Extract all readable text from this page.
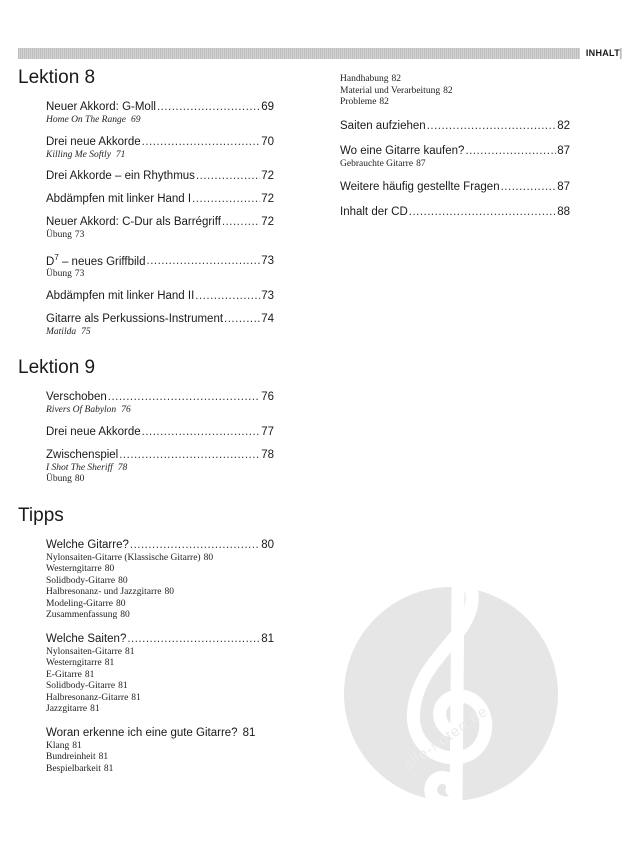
INHALT
Lektion 8
Neuer Akkord: G-Moll .....	69
Home On The Range 69
Drei neue Akkorde .....	70
Killing Me Softly 71
Drei Akkorde – ein Rhythmus .....	72
Abdämpfen mit linker Hand I .....	72
Neuer Akkord: C-Dur als Barrégriff .....	72
Übung 73
$D^7$ – neues Griffbild .....	73
Übung 73
Abdämpfen mit linker Hand II .....	73
Gitarre als Perkussions-Instrument .....	74
Matilda 75
Lektion 9
Verschoben .....	76
Rivers Of Babylon 76
Drei neue Akkorde .....	77
Zwischenspiel .....	78
I Shot The Sheriff 78
Übung 80
Tipps
Welche Gitarre? .....	80
Nylonsaiten-Gitarre (Klassische Gitarre) 80
Westerngitarre 80
Solidbody-Gitarre 80
Halbresonanz- und Jazzgitarre 80
Modeling-Gitarre 80
Zusammenfassung 80
Welche Saiten? .....	81
Nylonsaiten-Gitarre 81
Westerngitarre 81
E-Gitarre 81
Solidbody-Gitarre 81
Halbresonanz-Gitarre 81
Jazzgitarre 81
Woran erkenne ich eine gute Gitarre? 81
Klang 81
Bundreinheit 81
Bespielbarkeit 81
Handhabung 82
Material und Verarbeitung 82
Probleme 82
Saiten aufziehen .....	82
Wo eine Gitarre kaufen? .....	87
Gebrauchte Gitarre 87
Weitere häufig gestellte Fragen .....	87
Inhalt der CD .....	88
alle-noten.de
